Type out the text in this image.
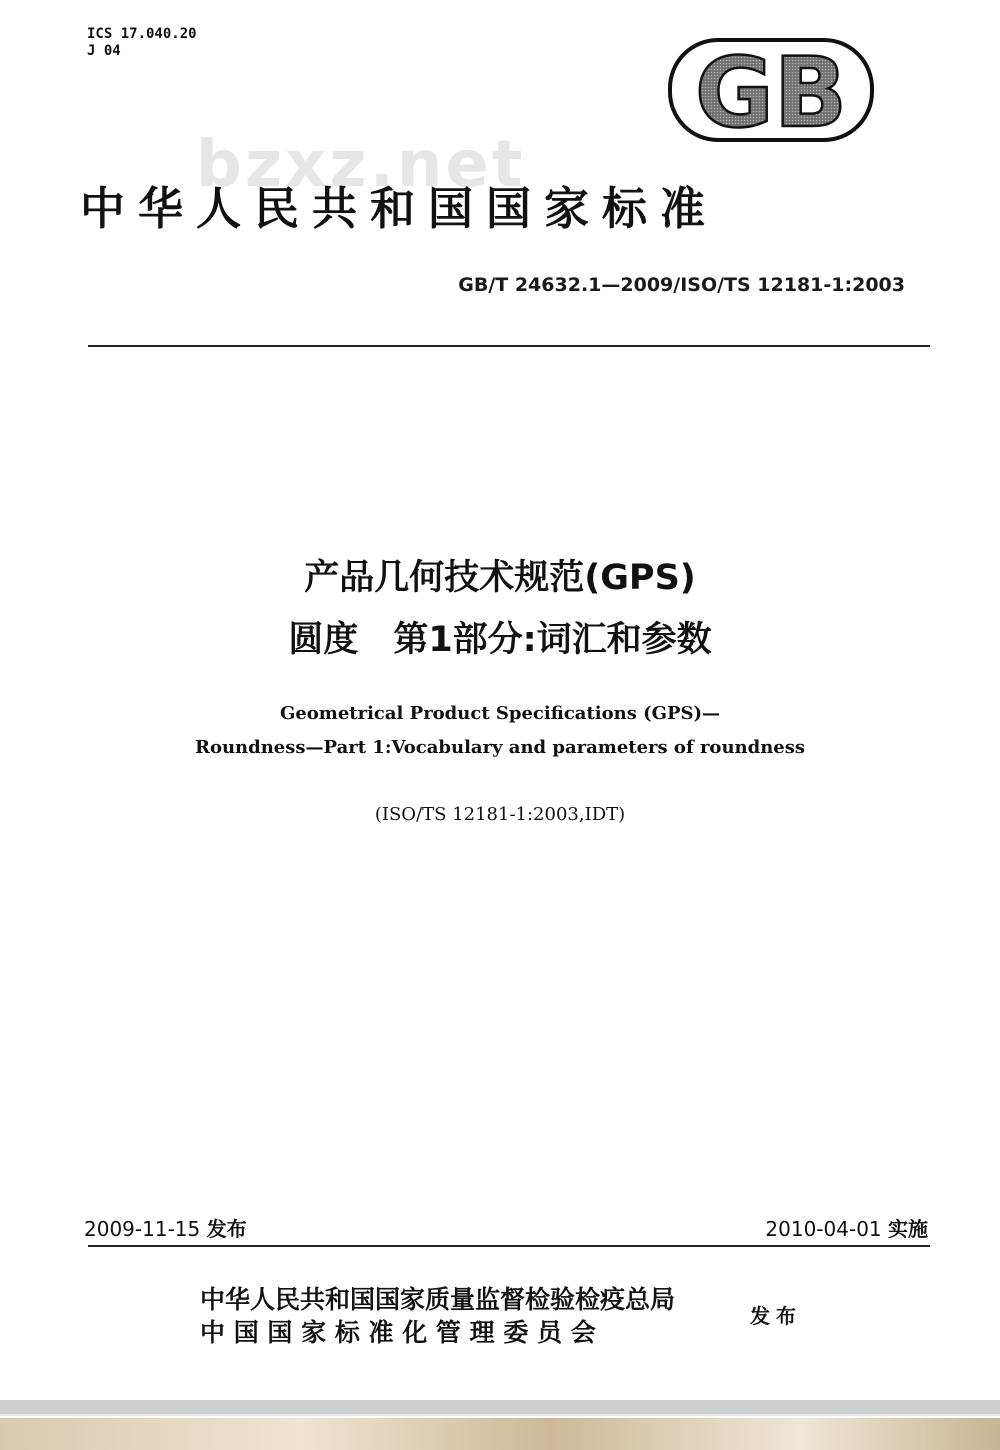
ICS 17.040.20
J 04	GB
bzxz.net
中华人民共和国国家标准
GB/T 24632.1—2009/ISO/TS 12181-1:2003
产品几何技术规范(GPS)
圆度　第1部分:词汇和参数
Geometrical Product Specifications (GPS)—
Roundness—Part 1:Vocabulary and parameters of roundness
(ISO/TS 12181-1:2003,IDT)
2009-11-15 发布	2010-04-01 实施
中华人民共和国国家质量监督检验检疫总局
中 国 国 家 标 准 化 管 理 委 员 会
发布
